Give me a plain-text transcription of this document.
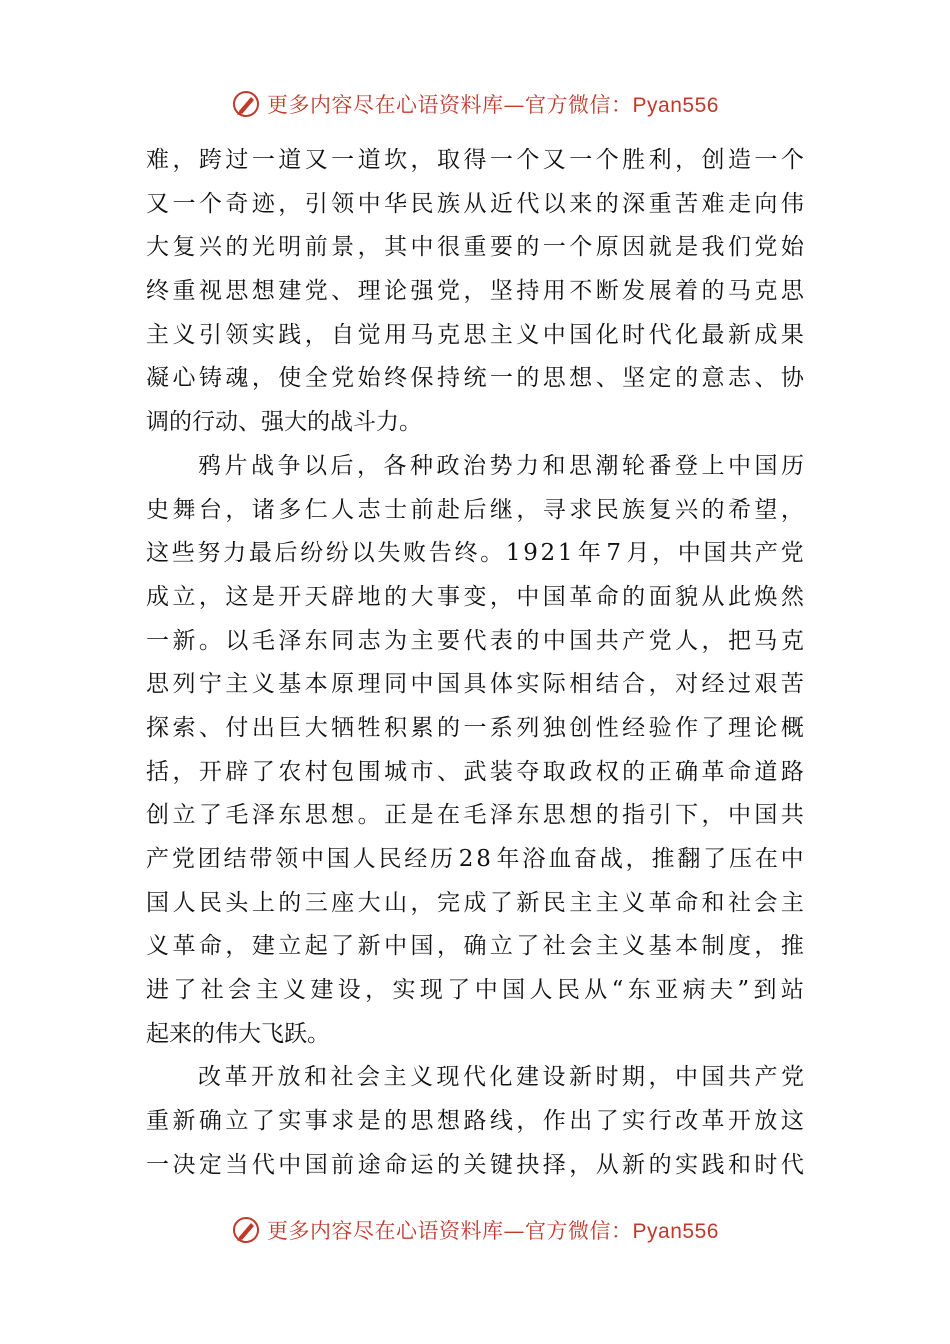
更多内容尽在心语资料库—官方微信：Pyan556
难 ， 跨 过 一 道 又 一 道 坎 ， 取 得 一 个 又 一 个 胜 利 ， 创 造 一 个
又 一 个 奇 迹 ， 引 领 中 华 民 族 从 近 代 以 来 的 深 重 苦 难 走 向 伟
大 复 兴 的 光 明 前 景 ， 其 中 很 重 要 的 一 个 原 因 就 是 我 们 党 始
终 重 视 思 想 建 党 、 理 论 强 党 ， 坚 持 用 不 断 发 展 着 的 马 克 思
主 义 引 领 实 践 ， 自 觉 用 马 克 思 主 义 中 国 化 时 代 化 最 新 成 果
凝 心 铸 魂 ， 使 全 党 始 终 保 持 统 一 的 思 想 、 坚 定 的 意 志 、 协
调的行动、强大的战斗力。
鸦 片 战 争 以 后 ， 各 种 政 治 势 力 和 思 潮 轮 番 登 上 中 国 历
史 舞 台 ， 诸 多 仁 人 志 士 前 赴 后 继 ， 寻 求 民 族 复 兴 的 希 望 ，
这 些 努 力 最 后 纷 纷 以 失 败 告 终 。 1 9 2 1 年 7 月 ， 中 国 共 产 党
成 立 ， 这 是 开 天 辟 地 的 大 事 变 ， 中 国 革 命 的 面 貌 从 此 焕 然
一 新 。 以 毛 泽 东 同 志 为 主 要 代 表 的 中 国 共 产 党 人 ， 把 马 克
思 列 宁 主 义 基 本 原 理 同 中 国 具 体 实 际 相 结 合 ， 对 经 过 艰 苦
探 索 、 付 出 巨 大 牺 牲 积 累 的 一 系 列 独 创 性 经 验 作 了 理 论 概
括 ， 开 辟 了 农 村 包 围 城 市 、 武 装 夺 取 政 权 的 正 确 革 命 道 路
创 立 了 毛 泽 东 思 想 。 正 是 在 毛 泽 东 思 想 的 指 引 下 ， 中 国 共
产 党 团 结 带 领 中 国 人 民 经 历 2 8 年 浴 血 奋 战 ， 推 翻 了 压 在 中
国 人 民 头 上 的 三 座 大 山 ， 完 成 了 新 民 主 主 义 革 命 和 社 会 主
义 革 命 ， 建 立 起 了 新 中 国 ， 确 立 了 社 会 主 义 基 本 制 度 ， 推
进 了 社 会 主 义 建 设 ， 实 现 了 中 国 人 民 从 “ 东 亚 病 夫 ” 到 站
起来的伟大飞跃。
改 革 开 放 和 社 会 主 义 现 代 化 建 设 新 时 期 ， 中 国 共 产 党
重 新 确 立 了 实 事 求 是 的 思 想 路 线 ， 作 出 了 实 行 改 革 开 放 这
一 决 定 当 代 中 国 前 途 命 运 的 关 键 抉 择 ， 从 新 的 实 践 和 时 代
更多内容尽在心语资料库—官方微信：Pyan556
